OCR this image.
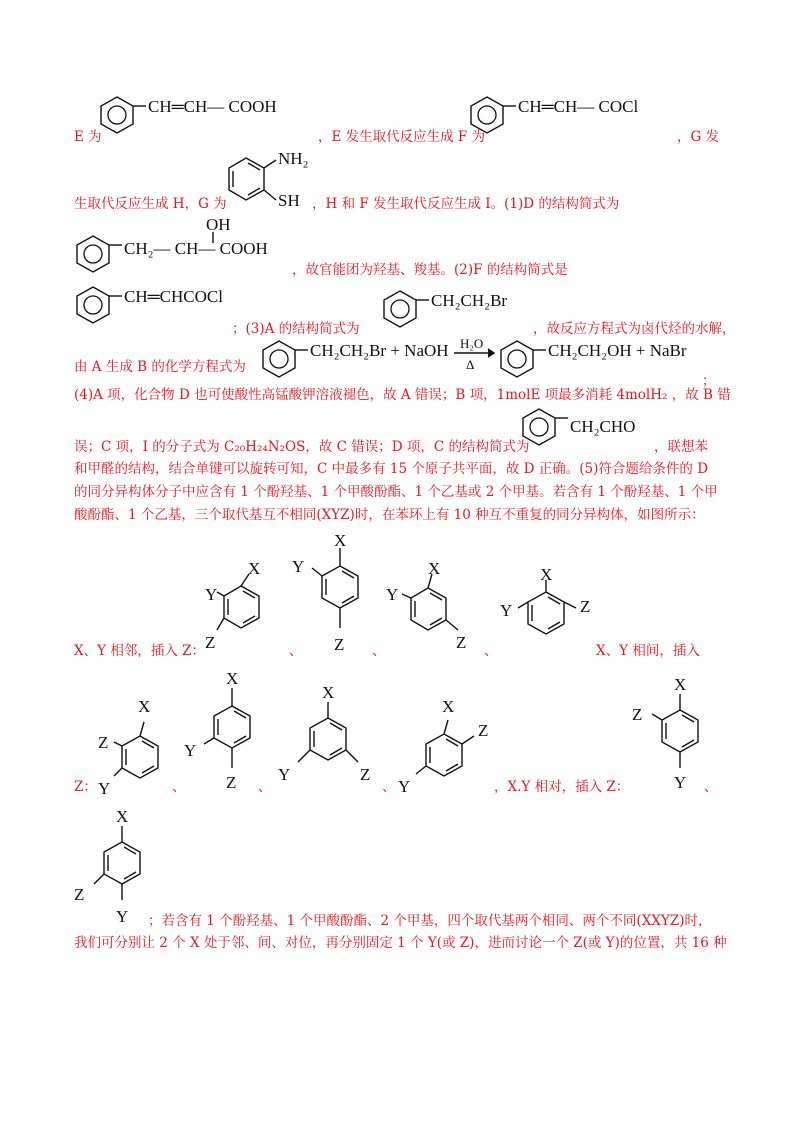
CH═CH— COOH
E 为	，E 发生取代反应生成 F 为
CH═CH— COCl
，G 发
生取代反应生成 H，G 为
NH₂
SH ，H 和 F 发生取代反应生成 I。(1)D 的结构简式为
OH
CH₂— CH— COOH
，故官能团为羟基、羧基。(2)F 的结构简式是
CH═CHCOCl
；(3)A 的结构简式为
CH₂CH₂Br
，故反应方程式为卤代烃的水解，
由 A 生成 B 的化学方程式为
CH₂CH₂Br + NaOH H₂O
Δ
CH₂CH₂OH + NaBr
；
(4)A 项，化合物 D 也可使酸性高锰酸钾溶液褪色，故 A 错误；B 项，1molE 项最多消耗 4molH₂ ，故 B 错
误；C 项，I 的分子式为 C₂₀H₂₄N₂OS，故 C 错误；D 项，C 的结构简式为
CH₂CHO
，联想苯
和甲醛的结构，结合单键可以旋转可知，C 中最多有 15 个原子共平面，故 D 正确。(5)符合题给条件的 D
的同分异构体分子中应含有 1 个酚羟基、1 个甲酸酚酯、1 个乙基或 2 个甲基。若含有 1 个酚羟基、1 个甲
酸酚酯、1 个乙基，三个取代基互不相同(XYZ)时，在苯环上有 10 种互不重复的同分异构体，如图所示：
X、Y 相邻，插入 Z：
X
Y
Z	、
X
Y
Z 、
X
Y
Z 、
X
Y	Z
X、Y 相间，插入
Z：
X
Z
Y	、
X
Y
Z 、
X
Y	Z
、
X
Z
Y	，X.Y 相对，插入 Z：
X
Z
Y 、
X
Z
Y ；若含有 1 个酚羟基、1 个甲酸酚酯、2 个甲基，四个取代基两个相同、两个不同(XXYZ)时，
我们可分别让 2 个 X 处于邻、间、对位，再分别固定 1 个 Y(或 Z)，进而讨论一个 Z(或 Y)的位置，共 16 种
